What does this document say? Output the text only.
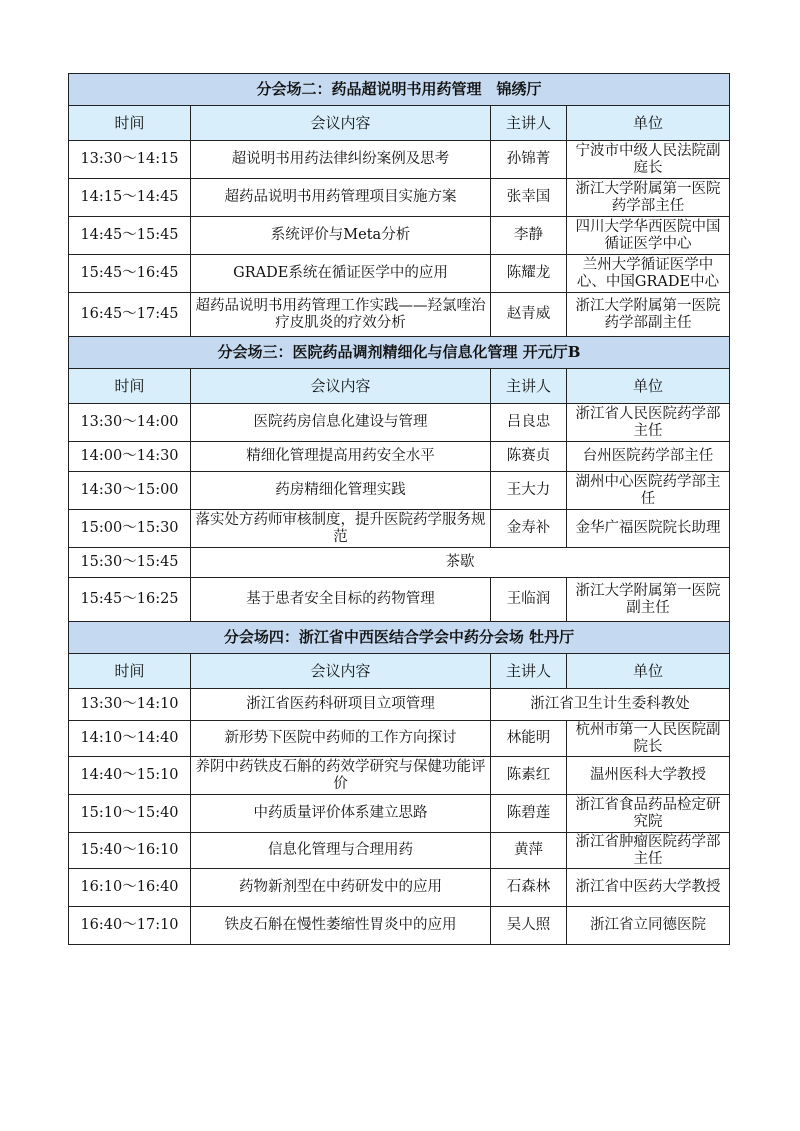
分会场二：药品超说明书用药管理　锦绣厅			
时间	会议内容	主讲人	单位
13:30～14:15	超说明书用药法律纠纷案例及思考	孙锦菁	宁波市中级人民法院副庭长
14:15～14:45	超药品说明书用药管理项目实施方案	张幸国	浙江大学附属第一医院药学部主任
14:45～15:45	系统评价与Meta分析	李静	四川大学华西医院中国循证医学中心
15:45～16:45	GRADE系统在循证医学中的应用	陈耀龙	兰州大学循证医学中心、中国GRADE中心
16:45～17:45	超药品说明书用药管理工作实践——羟氯喹治疗皮肌炎的疗效分析	赵青威	浙江大学附属第一医院药学部副主任
分会场三：医院药品调剂精细化与信息化管理 开元厅B			
时间	会议内容	主讲人	单位
13:30～14:00	医院药房信息化建设与管理	吕良忠	浙江省人民医院药学部主任
14:00～14:30	精细化管理提高用药安全水平	陈赛贞	台州医院药学部主任
14:30～15:00	药房精细化管理实践	王大力	湖州中心医院药学部主任
15:00～15:30	落实处方药师审核制度，提升医院药学服务规范	金寿补	金华广福医院院长助理
15:30～15:45	茶歇		
15:45～16:25	基于患者安全目标的药物管理	王临润	浙江大学附属第一医院副主任
分会场四：浙江省中西医结合学会中药分会场 牡丹厅			
时间	会议内容	主讲人	单位
13:30～14:10	浙江省医药科研项目立项管理	浙江省卫生计生委科教处	
14:10～14:40	新形势下医院中药师的工作方向探讨	林能明	杭州市第一人民医院副院长
14:40～15:10	养阴中药铁皮石斛的药效学研究与保健功能评价	陈素红	温州医科大学教授
15:10～15:40	中药质量评价体系建立思路	陈碧莲	浙江省食品药品检定研究院
15:40～16:10	信息化管理与合理用药	黄萍	浙江省肿瘤医院药学部主任
16:10～16:40	药物新剂型在中药研发中的应用	石森林	浙江省中医药大学教授
16:40～17:10	铁皮石斛在慢性萎缩性胃炎中的应用	吴人照	浙江省立同德医院
